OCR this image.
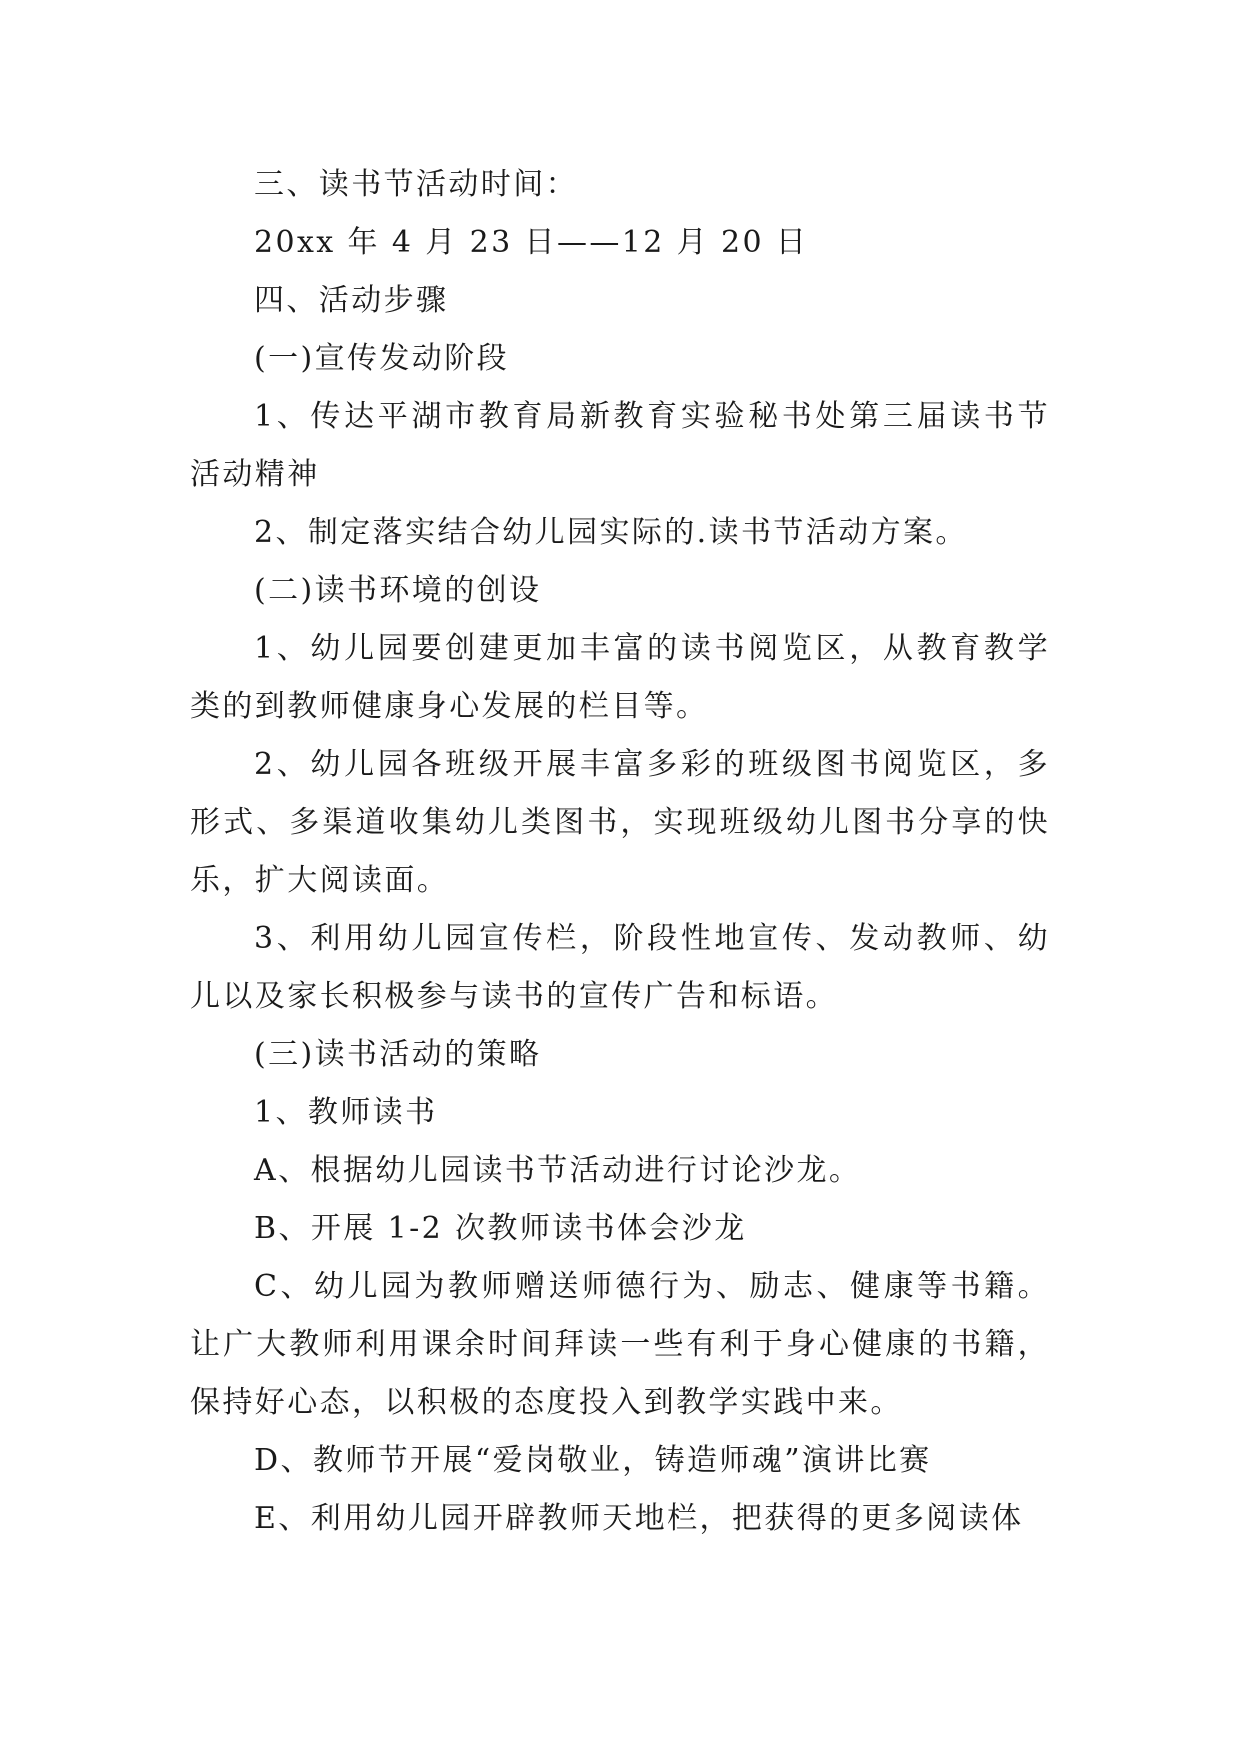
三、读书节活动时间：

20xx 年 4 月 23 日——12 月 20 日

四、活动步骤

(一)宣传发动阶段

1、传达平湖市教育局新教育实验秘书处第三届读书节活动精神

2、制定落实结合幼儿园实际的.读书节活动方案。

(二)读书环境的创设

1、幼儿园要创建更加丰富的读书阅览区，从教育教学类的到教师健康身心发展的栏目等。

2、幼儿园各班级开展丰富多彩的班级图书阅览区，多形式、多渠道收集幼儿类图书，实现班级幼儿图书分享的快乐，扩大阅读面。

3、利用幼儿园宣传栏，阶段性地宣传、发动教师、幼儿以及家长积极参与读书的宣传广告和标语。

(三)读书活动的策略

1、教师读书

A、根据幼儿园读书节活动进行讨论沙龙。

B、开展 1-2 次教师读书体会沙龙

C、幼儿园为教师赠送师德行为、励志、健康等书籍。让广大教师利用课余时间拜读一些有利于身心健康的书籍，保持好心态，以积极的态度投入到教学实践中来。

D、教师节开展“爱岗敬业，铸造师魂”演讲比赛

E、利用幼儿园开辟教师天地栏，把获得的更多阅读体
